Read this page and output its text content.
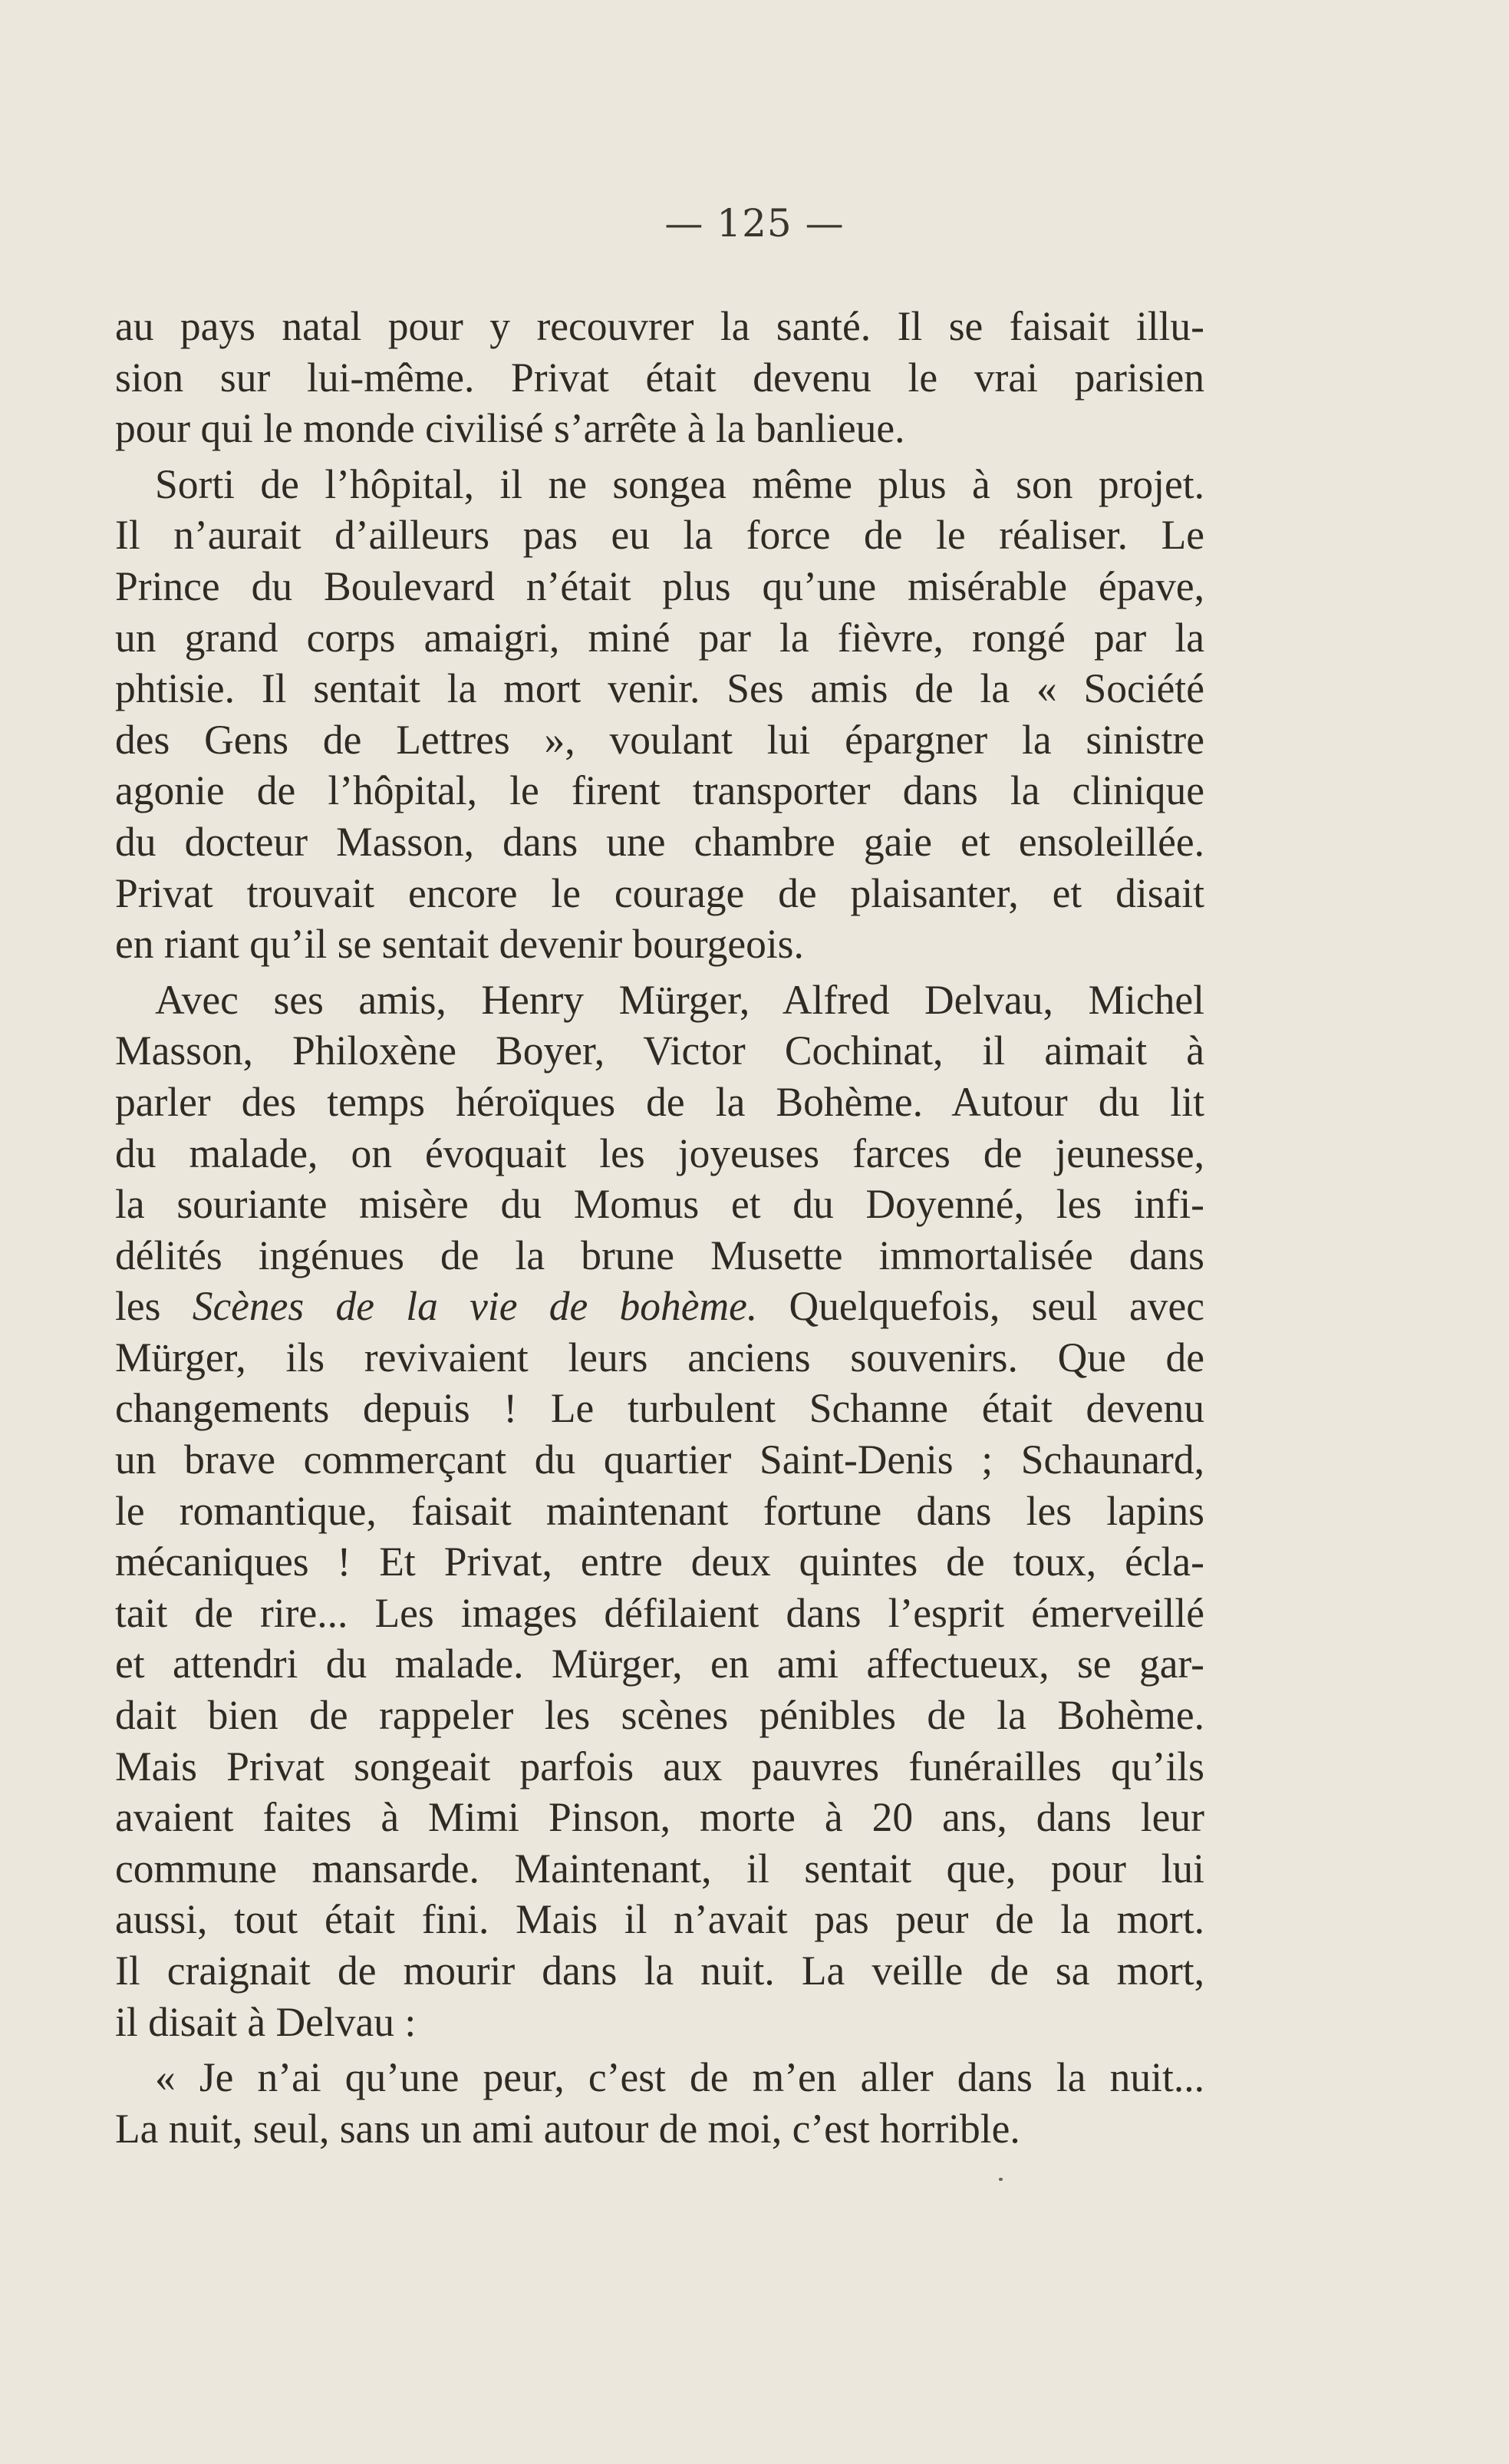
— 125 —
au pays natal pour y recouvrer la santé. Il se faisait illu-
sion sur lui-même. Privat était devenu le vrai parisien
pour qui le monde civilisé s’arrête à la banlieue.
Sorti de l’hôpital, il ne songea même plus à son projet.
Il n’aurait d’ailleurs pas eu la force de le réaliser. Le
Prince du Boulevard n’était plus qu’une misérable épave,
un grand corps amaigri, miné par la fièvre, rongé par la
phtisie. Il sentait la mort venir. Ses amis de la « Société
des Gens de Lettres », voulant lui épargner la sinistre
agonie de l’hôpital, le firent transporter dans la clinique
du docteur Masson, dans une chambre gaie et ensoleillée.
Privat trouvait encore le courage de plaisanter, et disait
en riant qu’il se sentait devenir bourgeois.
Avec ses amis, Henry Mürger, Alfred Delvau, Michel
Masson, Philoxène Boyer, Victor Cochinat, il aimait à
parler des temps héroïques de la Bohème. Autour du lit
du malade, on évoquait les joyeuses farces de jeunesse,
la souriante misère du Momus et du Doyenné, les infi-
délités ingénues de la brune Musette immortalisée dans
les Scènes de la vie de bohème. Quelquefois, seul avec
Mürger, ils revivaient leurs anciens souvenirs. Que de
changements depuis ! Le turbulent Schanne était devenu
un brave commerçant du quartier Saint-Denis ; Schaunard,
le romantique, faisait maintenant fortune dans les lapins
mécaniques ! Et Privat, entre deux quintes de toux, écla-
tait de rire... Les images défilaient dans l’esprit émerveillé
et attendri du malade. Mürger, en ami affectueux, se gar-
dait bien de rappeler les scènes pénibles de la Bohème.
Mais Privat songeait parfois aux pauvres funérailles qu’ils
avaient faites à Mimi Pinson, morte à 20 ans, dans leur
commune mansarde. Maintenant, il sentait que, pour lui
aussi, tout était fini. Mais il n’avait pas peur de la mort.
Il craignait de mourir dans la nuit. La veille de sa mort,
il disait à Delvau :
« Je n’ai qu’une peur, c’est de m’en aller dans la nuit...
La nuit, seul, sans un ami autour de moi, c’est horrible.
